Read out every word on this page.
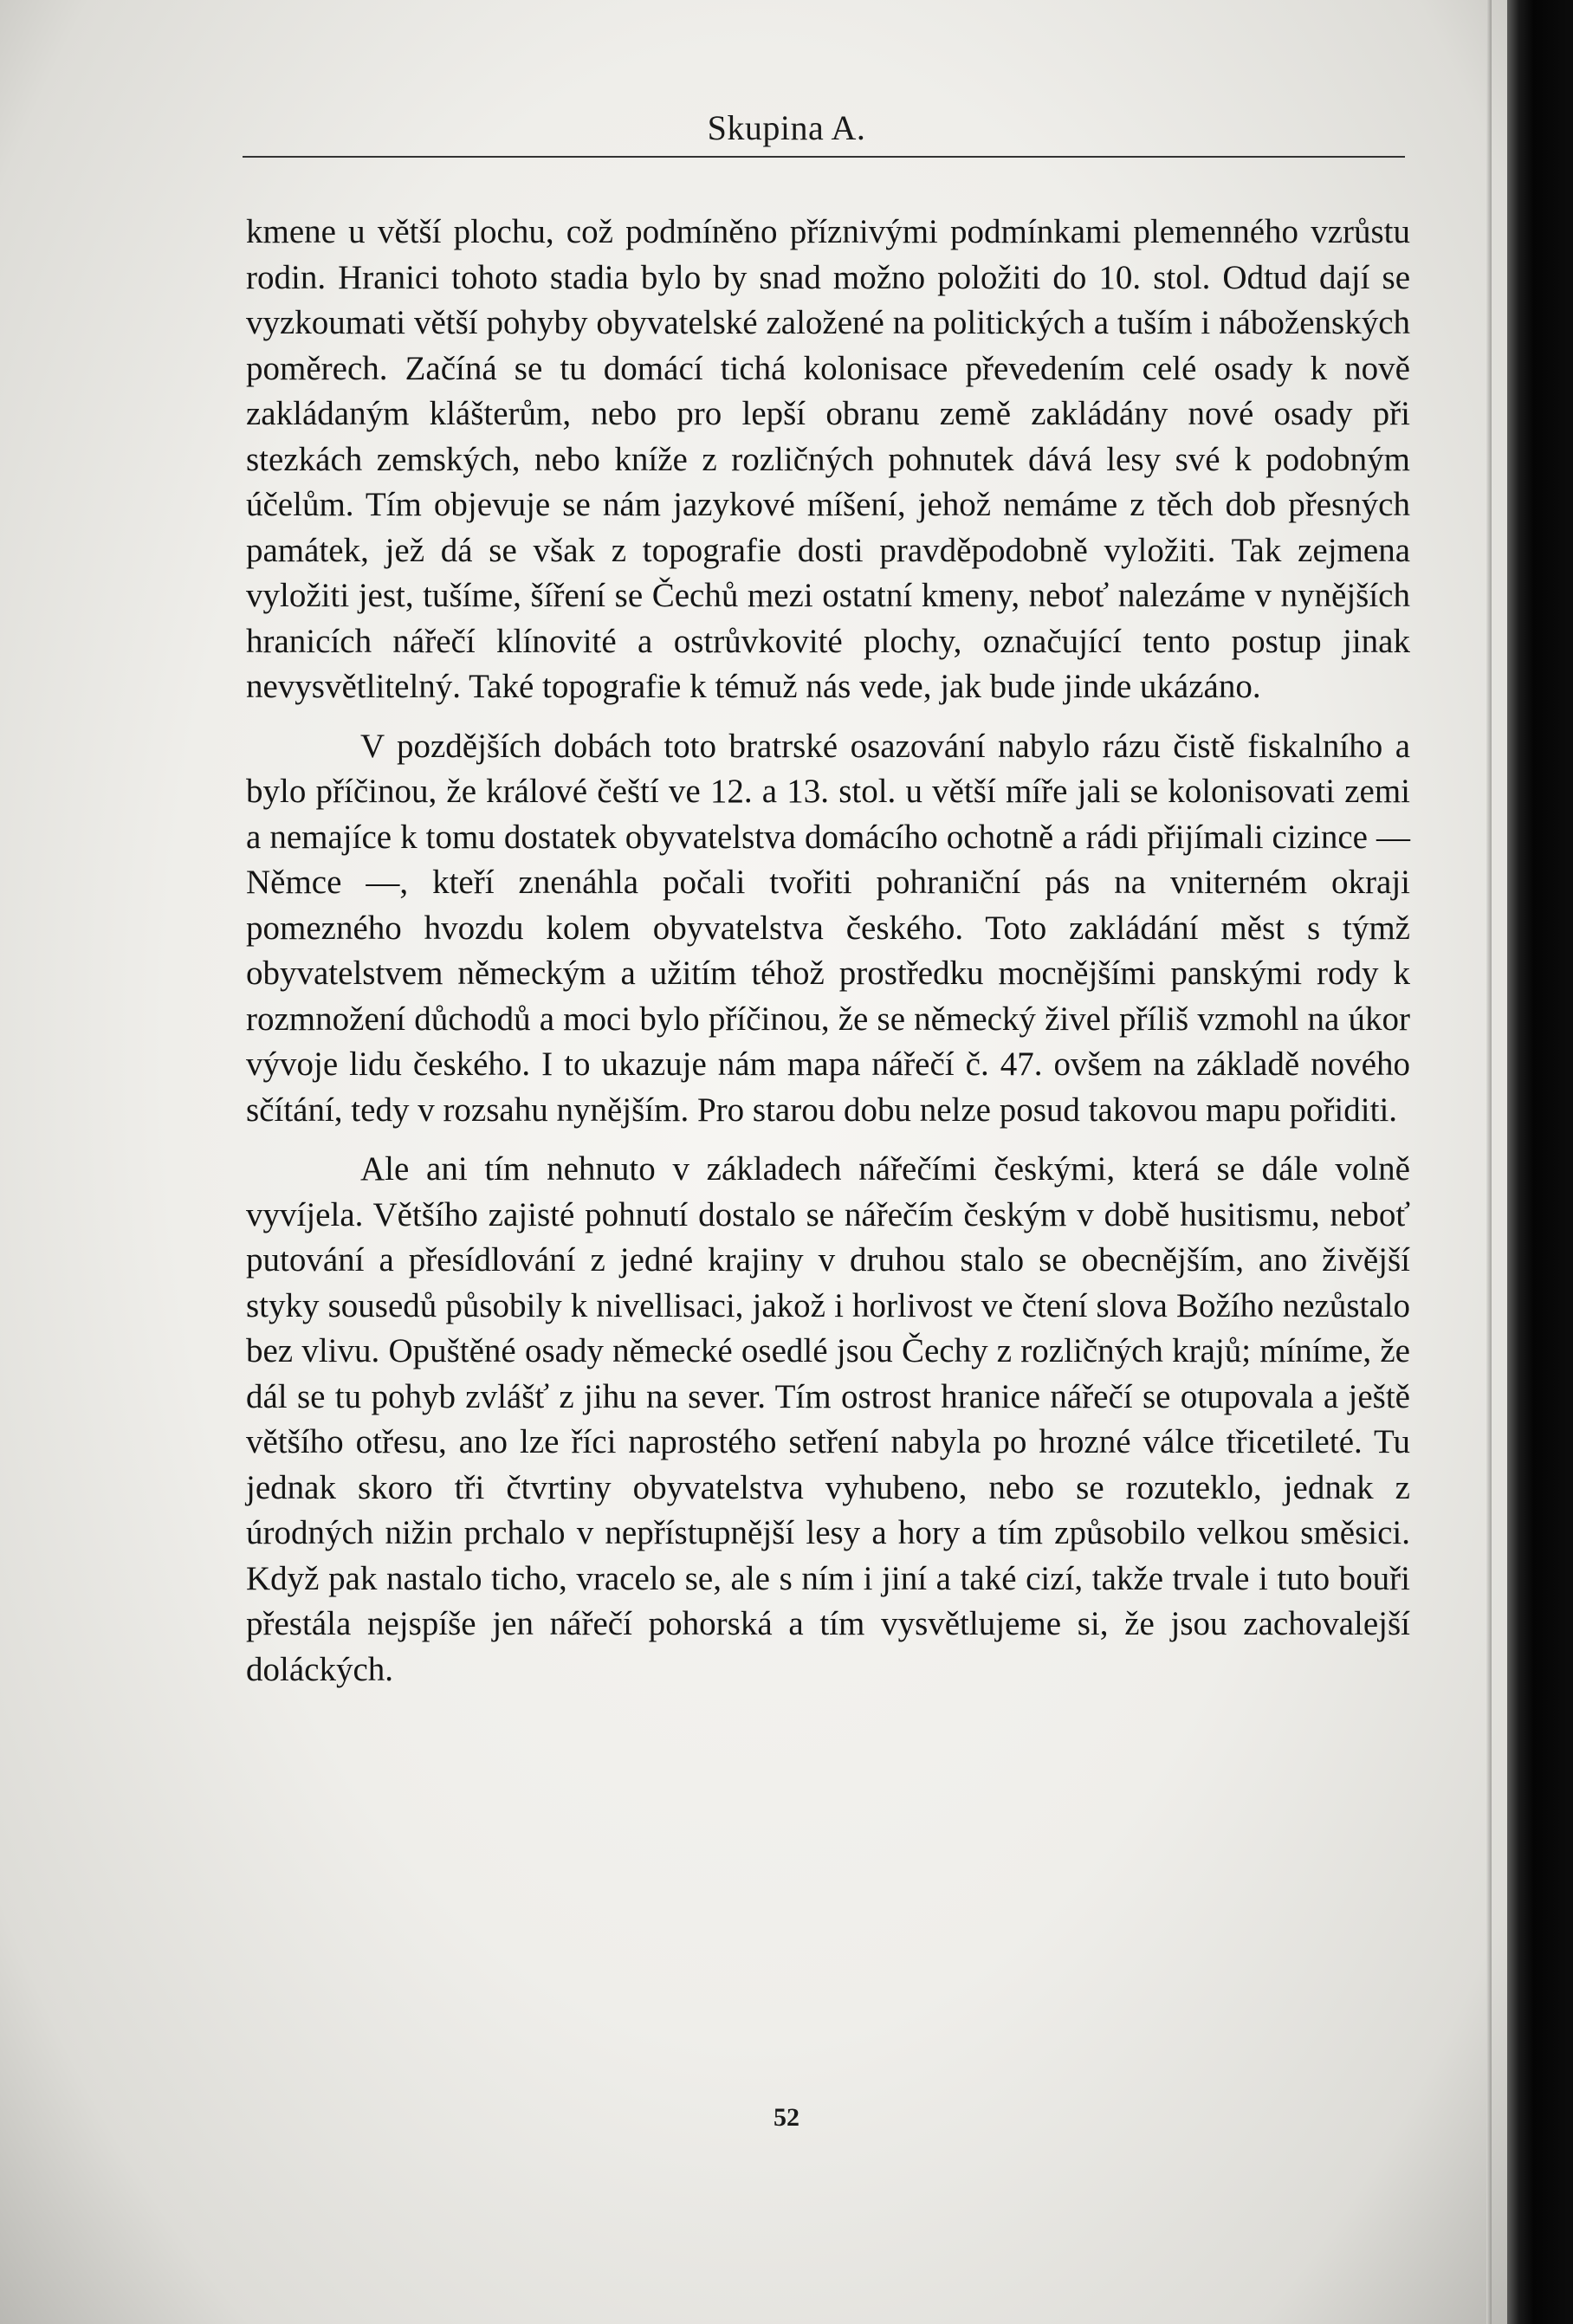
Skupina A.

kmene u větší plochu, což podmíněno příznivými podmínkami plemenného vzrůstu rodin. Hranici tohoto stadia bylo by snad možno položiti do 10. stol. Odtud dají se vyzkoumati větší pohyby obyvatelské založené na politických a tuším i náboženských poměrech. Začíná se tu domácí tichá kolonisace převedením celé osady k nově zakládaným klášterům, nebo pro lepší obranu země zakládány nové osady při stezkách zemských, nebo kníže z rozličných pohnutek dává lesy své k podobným účelům. Tím objevuje se nám jazykové míšení, jehož nemáme z těch dob přesných památek, jež dá se však z topografie dosti pravděpodobně vyložiti. Tak zejmena vyložiti jest, tušíme, šíření se Čechů mezi ostatní kmeny, neboť nalezáme v nynějších hranicích nářečí klínovité a ostrůvkovité plochy, označující tento postup jinak nevysvětlitelný. Také topografie k témuž nás vede, jak bude jinde ukázáno.

V pozdějších dobách toto bratrské osazování nabylo rázu čistě fiskalního a bylo příčinou, že králové čeští ve 12. a 13. stol. u větší míře jali se kolonisovati zemi a nemajíce k tomu dostatek obyvatelstva domácího ochotně a rádi přijímali cizince — Němce —, kteří znenáhla počali tvořiti pohraniční pás na vniterném okraji pomezného hvozdu kolem obyvatelstva českého. Toto zakládání měst s týmž obyvatelstvem německým a užitím téhož prostředku mocnějšími panskými rody k rozmnožení důchodů a moci bylo příčinou, že se německý živel příliš vzmohl na úkor vývoje lidu českého. I to ukazuje nám mapa nářečí č. 47. ovšem na základě nového sčítání, tedy v rozsahu nynějším. Pro starou dobu nelze posud takovou mapu pořiditi.

Ale ani tím nehnuto v základech nářečími českými, která se dále volně vyvíjela. Většího zajisté pohnutí dostalo se nářečím českým v době husitismu, neboť putování a přesídlování z jedné krajiny v druhou stalo se obecnějším, ano živější styky sousedů působily k nivellisaci, jakož i horlivost ve čtení slova Božího nezůstalo bez vlivu. Opuštěné osady německé osedlé jsou Čechy z rozličných krajů; míníme, že dál se tu pohyb zvlášť z jihu na sever. Tím ostrost hranice nářečí se otupovala a ještě většího otřesu, ano lze říci naprostého setření nabyla po hrozné válce třicetileté. Tu jednak skoro tři čtvrtiny obyvatelstva vyhubeno, nebo se rozuteklo, jednak z úrodných nižin prchalo v nepřístupnější lesy a hory a tím způsobilo velkou směsici. Když pak nastalo ticho, vracelo se, ale s ním i jiní a také cizí, takže trvale i tuto bouři přestála nejspíše jen nářečí pohorská a tím vysvětlujeme si, že jsou zachovalejší doláckých.

52
